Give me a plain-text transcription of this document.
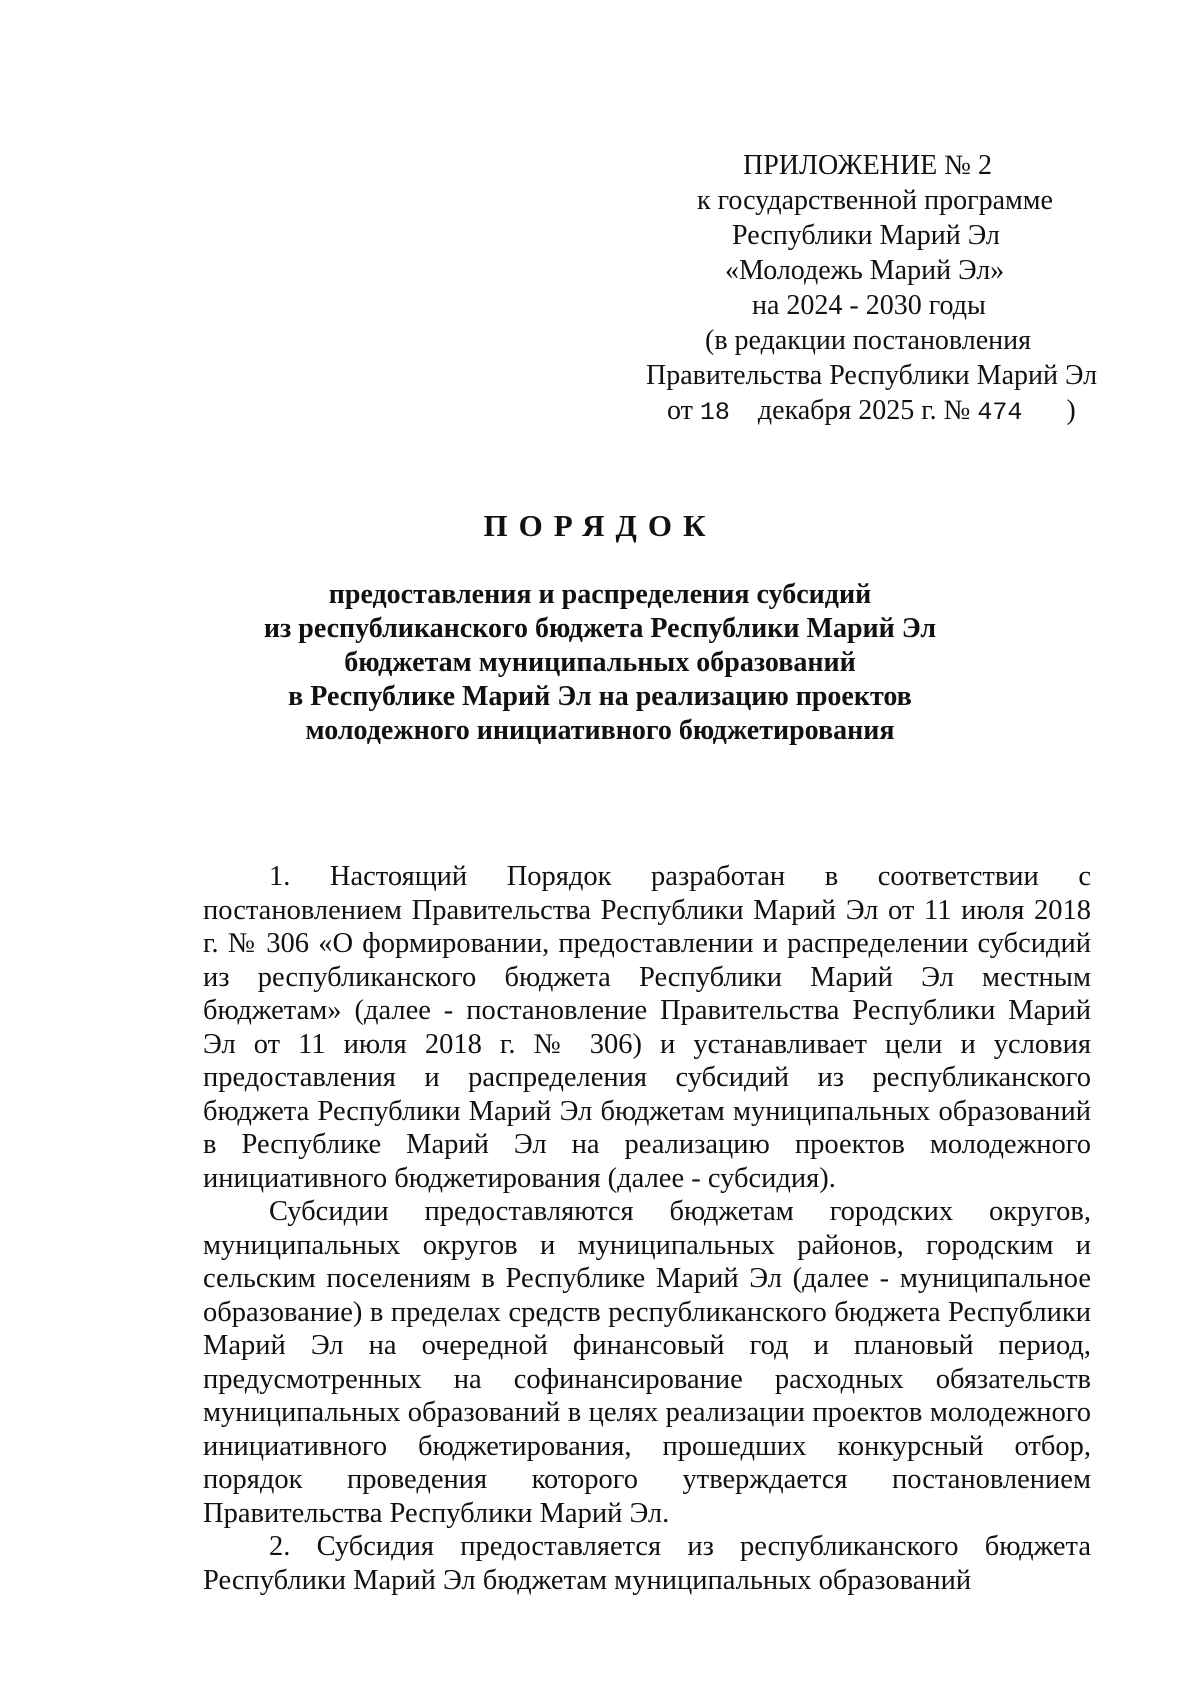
ПРИЛОЖЕНИЕ № 2
к государственной программе
Республики Марий Эл
«Молодежь Марий Эл»
на 2024 - 2030 годы
(в редакции постановления
Правительства Республики Марий Эл
от 18 декабря 2025 г. № 474 )
ПОРЯДОК
предоставления и распределения субсидий
из республиканского бюджета Республики Марий Эл
бюджетам муниципальных образований
в Республике Марий Эл на реализацию проектов
молодежного инициативного бюджетирования

1. Настоящий Порядок разработан в соответствии с постановлением Правительства Республики Марий Эл от 11 июля 2018 г. № 306 «О формировании, предоставлении и распределении субсидий из республиканского бюджета Республики Марий Эл местным бюджетам» (далее - постановление Правительства Республики Марий Эл от 11 июля 2018 г. № 306) и устанавливает цели и условия предоставления и распределения субсидий из республиканского бюджета Республики Марий Эл бюджетам муниципальных образований в Республике Марий Эл на реализацию проектов молодежного инициативного бюджетирования (далее - субсидия).

Субсидии предоставляются бюджетам городских округов, муниципальных округов и муниципальных районов, городским и сельским поселениям в Республике Марий Эл (далее - муниципальное образование) в пределах средств республиканского бюджета Республики Марий Эл на очередной финансовый год и плановый период, предусмотренных на софинансирование расходных обязательств муниципальных образований в целях реализации проектов молодежного инициативного бюджетирования, прошедших конкурсный отбор, порядок проведения которого утверждается постановлением Правительства Республики Марий Эл.

2. Субсидия предоставляется из республиканского бюджета Республики Марий Эл бюджетам муниципальных образований
